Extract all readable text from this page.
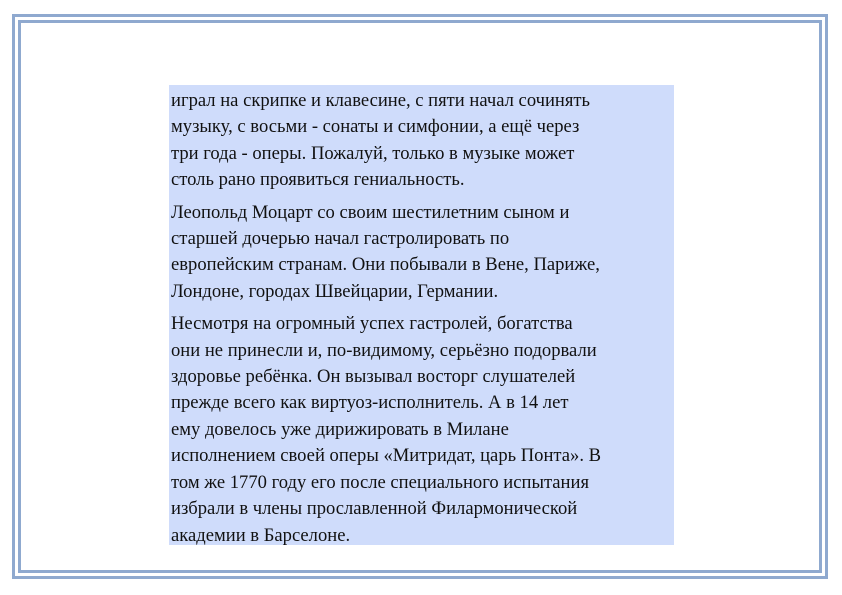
играл на скрипке и клавесине, с пяти начал сочинять
музыку, с восьми - сонаты и симфонии, а ещё через
три года - оперы. Пожалуй, только в музыке может
столь рано проявиться гениальность.

Леопольд Моцарт со своим шестилетним сыном и
старшей дочерью начал гастролировать по
европейским странам. Они побывали в Вене, Париже,
Лондоне, городах Швейцарии, Германии.

Несмотря на огромный успех гастролей, богатства
они не принесли и, по-видимому, серьёзно подорвали
здоровье ребёнка. Он вызывал восторг слушателей
прежде всего как виртуоз-исполнитель. А в 14 лет
ему довелось уже дирижировать в Милане
исполнением своей оперы «Митридат, царь Понта». В
том же 1770 году его после специального испытания
избрали в члены прославленной Филармонической
академии в Барселоне.
